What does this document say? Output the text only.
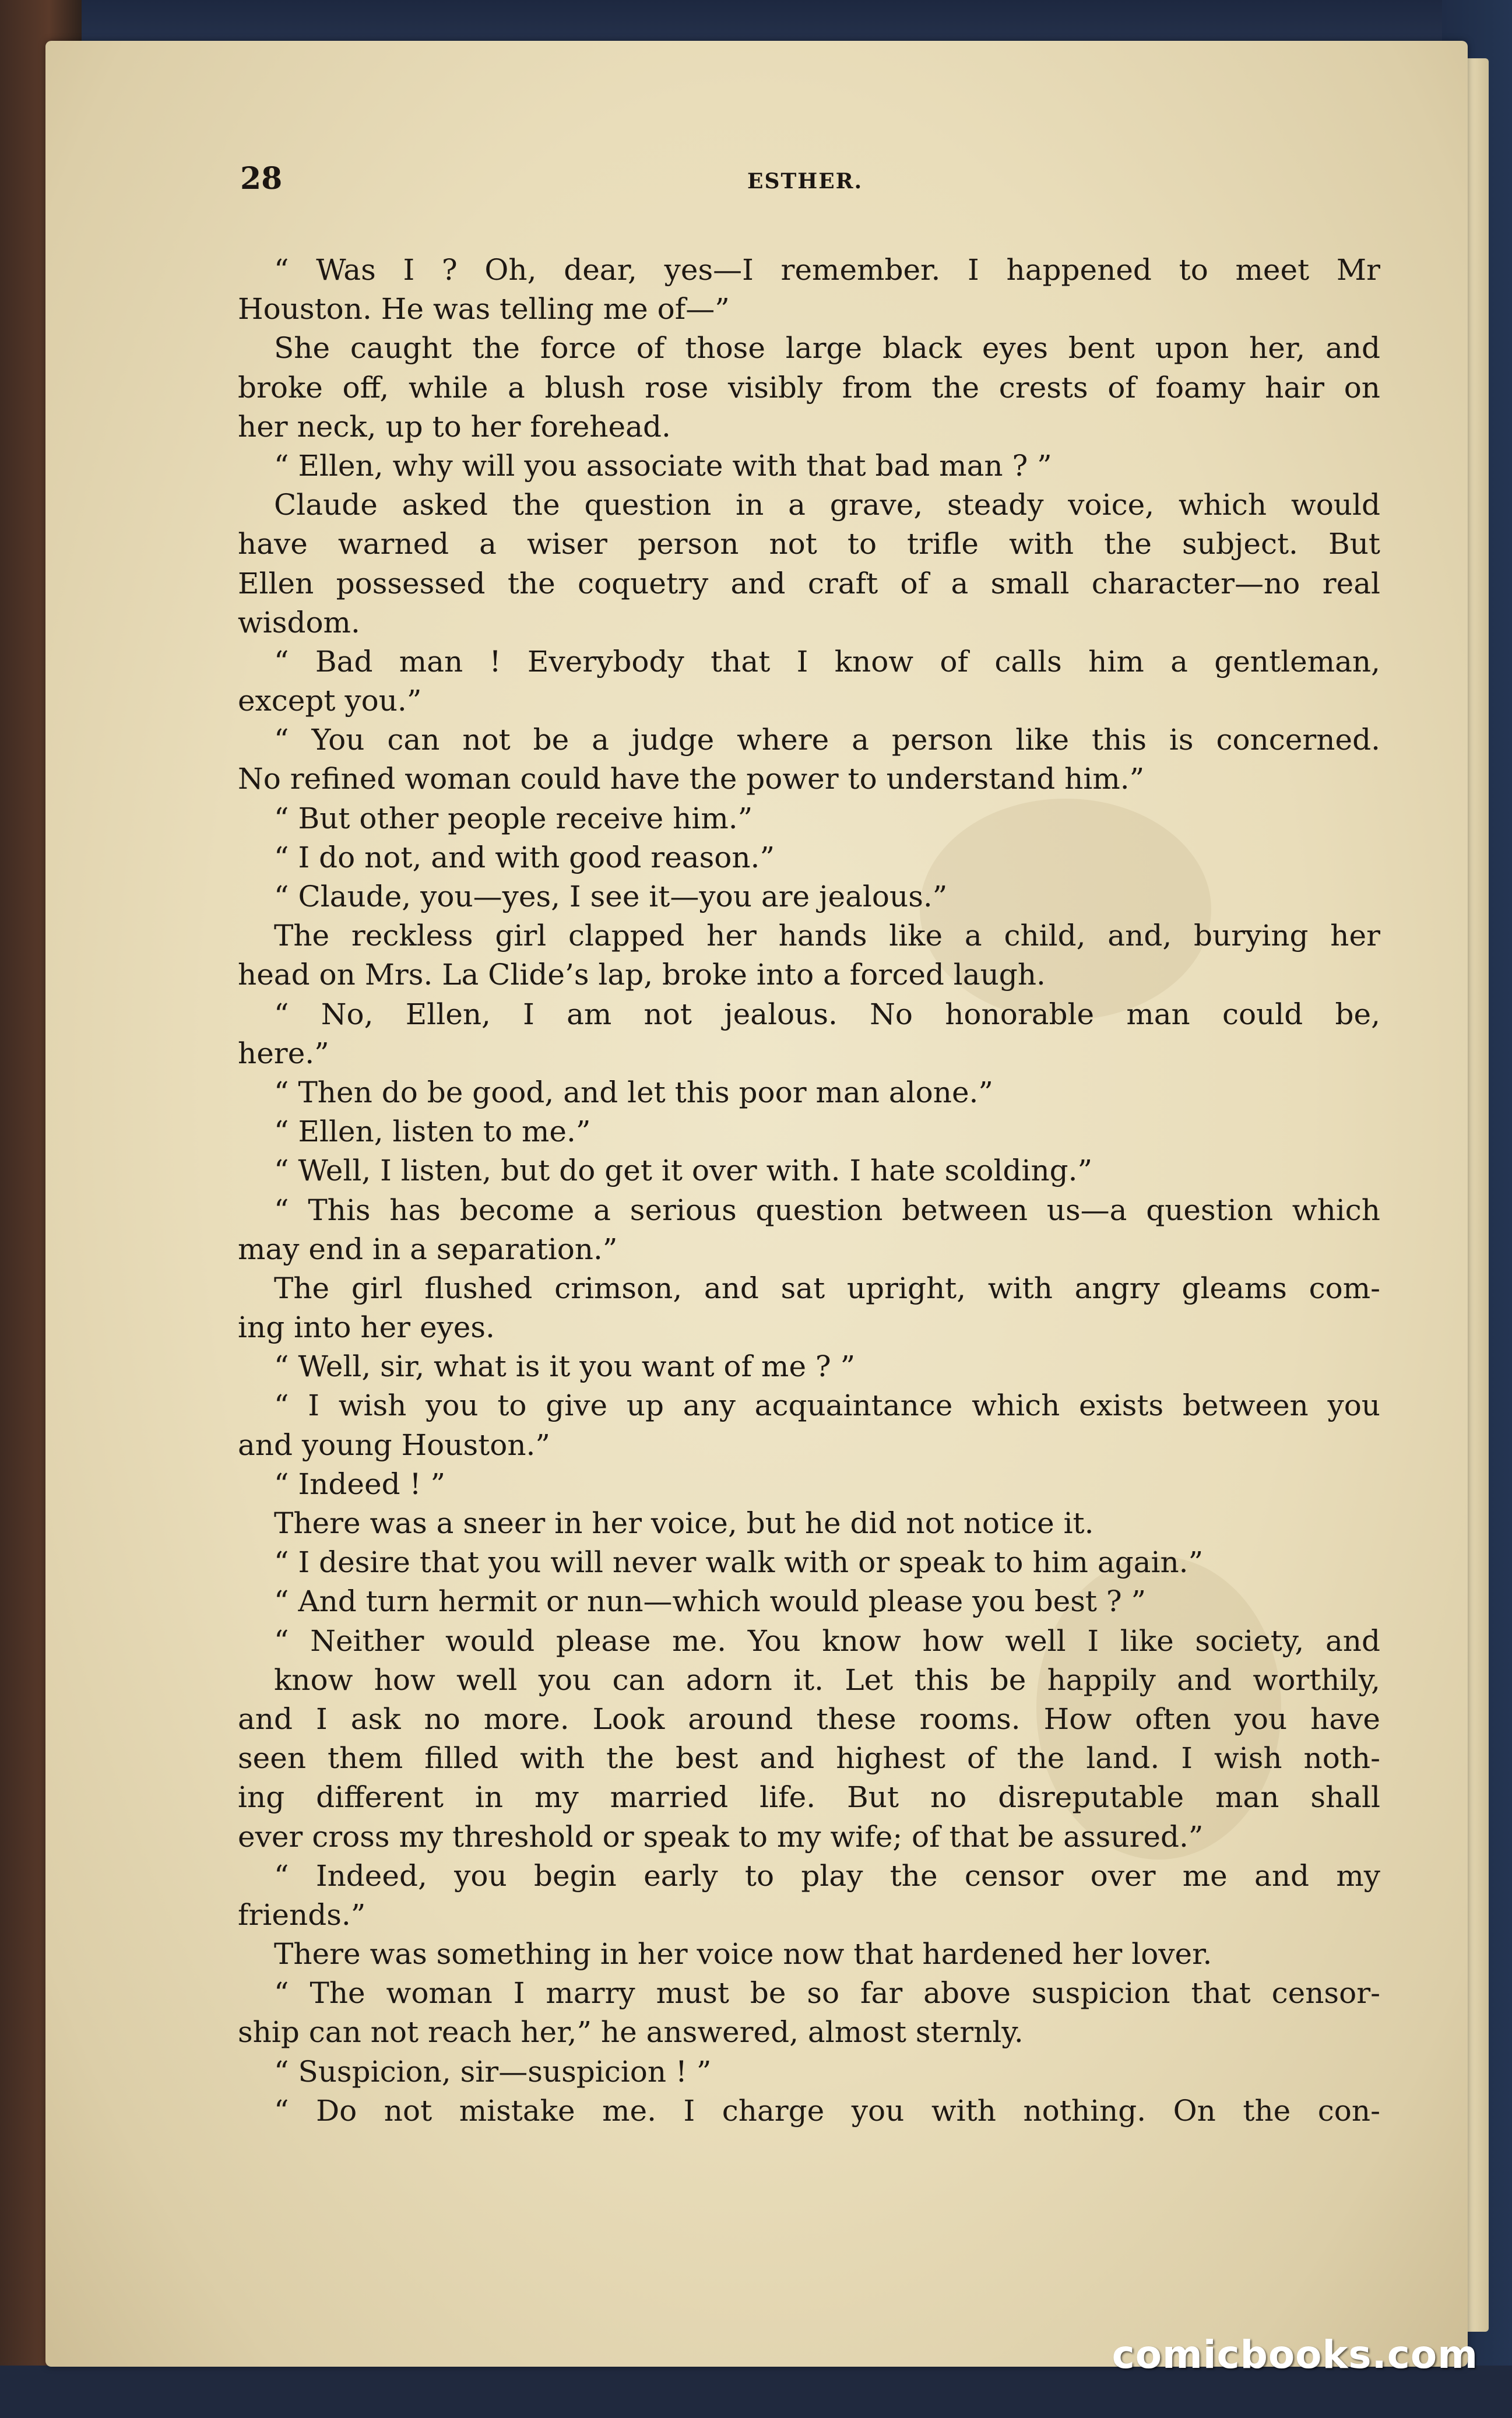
28	ESTHER.
“ Was I ? Oh, dear, yes—I remember. I happened to meet Mr
Houston. He was telling me of—”
She caught the force of those large black eyes bent upon her, and
broke off, while a blush rose visibly from the crests of foamy hair on
her neck, up to her forehead.
“ Ellen, why will you associate with that bad man ? ”
Claude asked the question in a grave, steady voice, which would
have warned a wiser person not to trifle with the subject. But
Ellen possessed the coquetry and craft of a small character—no real
wisdom.
“ Bad man ! Everybody that I know of calls him a gentleman,
except you.”
“ You can not be a judge where a person like this is concerned.
No refined woman could have the power to understand him.”
“ But other people receive him.”
“ I do not, and with good reason.”
“ Claude, you—yes, I see it—you are jealous.”
The reckless girl clapped her hands like a child, and, burying her
head on Mrs. La Clide’s lap, broke into a forced laugh.
“ No, Ellen, I am not jealous. No honorable man could be,
here.”
“ Then do be good, and let this poor man alone.”
“ Ellen, listen to me.”
“ Well, I listen, but do get it over with. I hate scolding.”
“ This has become a serious question between us—a question which
may end in a separation.”
The girl flushed crimson, and sat upright, with angry gleams com-
ing into her eyes.
“ Well, sir, what is it you want of me ? ”
“ I wish you to give up any acquaintance which exists between you
and young Houston.”
“ Indeed ! ”
There was a sneer in her voice, but he did not notice it.
“ I desire that you will never walk with or speak to him again.”
“ And turn hermit or nun—which would please you best ? ”
“ Neither would please me. You know how well I like society, and
know how well you can adorn it. Let this be happily and worthily,
and I ask no more. Look around these rooms. How often you have
seen them filled with the best and highest of the land. I wish noth-
ing different in my married life. But no disreputable man shall
ever cross my threshold or speak to my wife; of that be assured.”
“ Indeed, you begin early to play the censor over me and my
friends.”
There was something in her voice now that hardened her lover.
“ The woman I marry must be so far above suspicion that censor-
ship can not reach her,” he answered, almost sternly.
“ Suspicion, sir—suspicion ! ”
“ Do not mistake me. I charge you with nothing. On the con-
comicbooks.com
